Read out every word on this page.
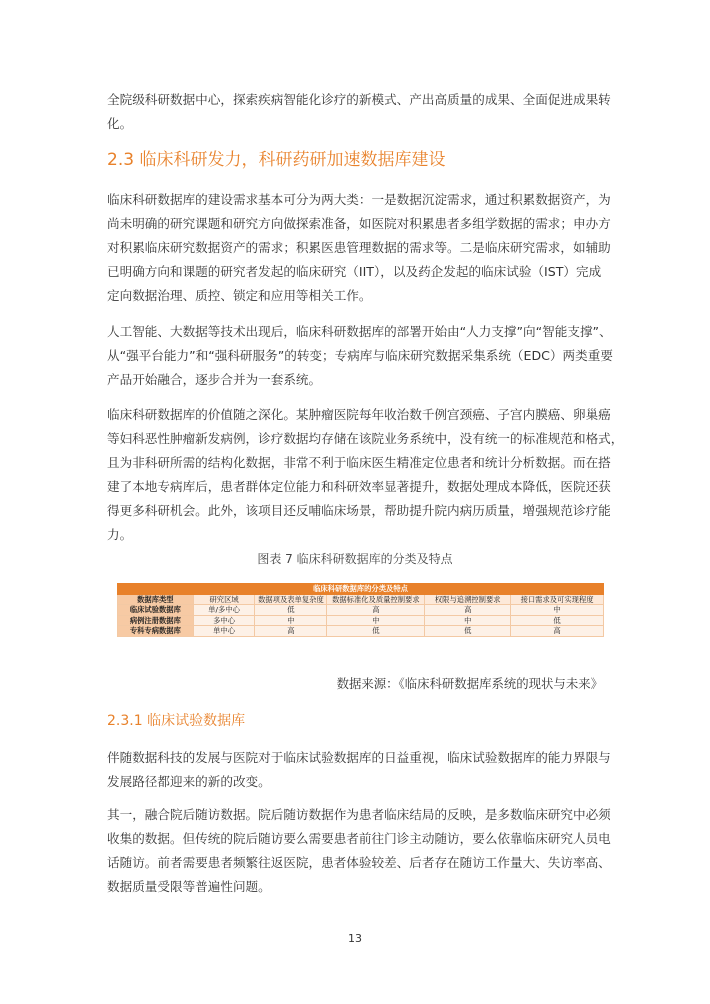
全院级科研数据中心，探索疾病智能化诊疗的新模式、产出高质量的成果、全面促进成果转
化。
2.3 临床科研发力，科研药研加速数据库建设
临床科研数据库的建设需求基本可分为两大类：一是数据沉淀需求，通过积累数据资产，为
尚未明确的研究课题和研究方向做探索准备，如医院对积累患者多组学数据的需求；申办方
对积累临床研究数据资产的需求；积累医患管理数据的需求等。二是临床研究需求，如辅助
已明确方向和课题的研究者发起的临床研究（IIT），以及药企发起的临床试验（IST）完成
定向数据治理、质控、锁定和应用等相关工作。
人工智能、大数据等技术出现后，临床科研数据库的部署开始由“人力支撑”向“智能支撑”、
从“强平台能力”和“强科研服务”的转变；专病库与临床研究数据采集系统（EDC）两类重要
产品开始融合，逐步合并为一套系统。
临床科研数据库的价值随之深化。某肿瘤医院每年收治数千例宫颈癌、子宫内膜癌、卵巢癌
等妇科恶性肿瘤新发病例，诊疗数据均存储在该院业务系统中，没有统一的标准规范和格式，
且为非科研所需的结构化数据，非常不利于临床医生精准定位患者和统计分析数据。而在搭
建了本地专病库后，患者群体定位能力和科研效率显著提升，数据处理成本降低，医院还获
得更多科研机会。此外，该项目还反哺临床场景，帮助提升院内病历质量，增强规范诊疗能
力。
图表 7 临床科研数据库的分类及特点
临床科研数据库的分类及特点					
数据库类型	研究区域	数据项及表单复杂度	数据标准化及质量控制要求	权限与追溯控制要求	接口需求及可实现程度
临床试验数据库	单/多中心	低	高	高	中
病例注册数据库	多中心	中	中	中	低
专科专病数据库	单中心	高	低	低	高
数据来源：《临床科研数据库系统的现状与未来》
2.3.1 临床试验数据库
伴随数据科技的发展与医院对于临床试验数据库的日益重视，临床试验数据库的能力界限与
发展路径都迎来的新的改变。
其一，融合院后随访数据。院后随访数据作为患者临床结局的反映，是多数临床研究中必须
收集的数据。但传统的院后随访要么需要患者前往门诊主动随访，要么依靠临床研究人员电
话随访。前者需要患者频繁往返医院，患者体验较差、后者存在随访工作量大、失访率高、
数据质量受限等普遍性问题。
13
